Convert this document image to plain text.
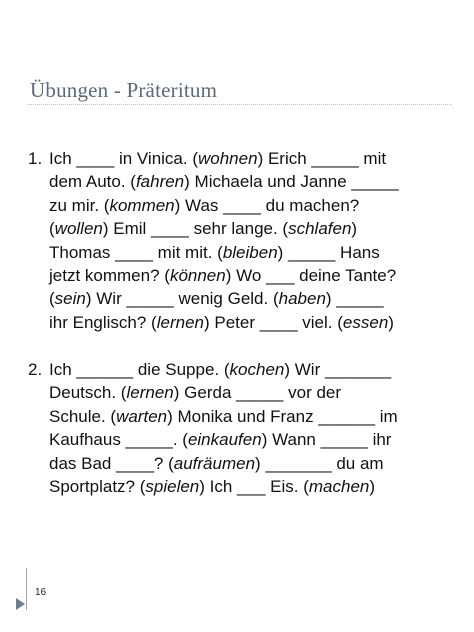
Übungen - Präteritum
1. Ich ____ in Vinica. (wohnen) Erich _____ mit
dem Auto. (fahren) Michaela und Janne _____
zu mir. (kommen) Was ____ du machen?
(wollen) Emil ____ sehr lange. (schlafen)
Thomas ____ mit mit. (bleiben) _____ Hans
jetzt kommen? (können) Wo ___ deine Tante?
(sein) Wir _____ wenig Geld. (haben) _____
ihr Englisch? (lernen) Peter ____ viel. (essen)
2. Ich ______ die Suppe. (kochen) Wir _______
Deutsch. (lernen) Gerda _____ vor der
Schule. (warten) Monika und Franz ______ im
Kaufhaus _____. (einkaufen) Wann _____ ihr
das Bad ____? (aufräumen) _______ du am
Sportplatz? (spielen) Ich ___ Eis. (machen)
16
